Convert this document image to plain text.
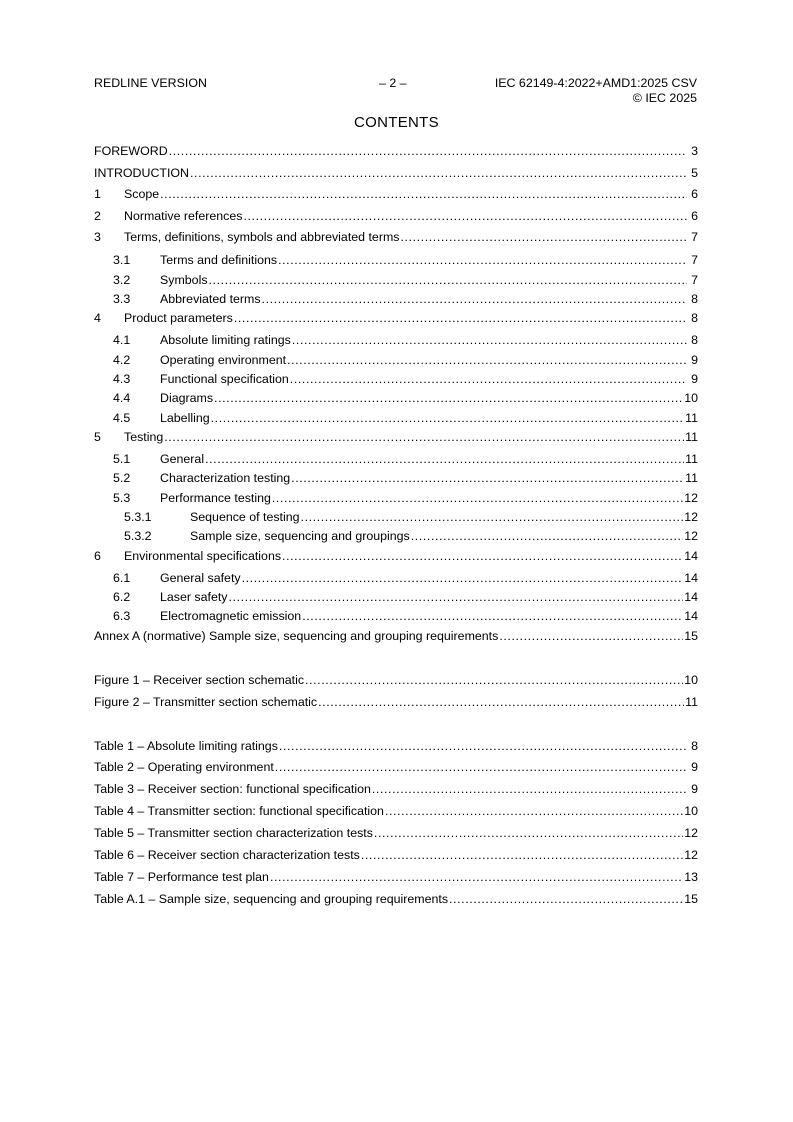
REDLINE VERSION	– 2 –	IEC 62149-4:2022+AMD1:2025 CSV
© IEC 2025
CONTENTS
FOREWORD .....	3
INTRODUCTION .....	5
1	Scope .....	6
2	Normative references .....	6
3	Terms, definitions, symbols and abbreviated terms .....	7
3.1	Terms and definitions .....	7
3.2	Symbols .....	7
3.3	Abbreviated terms .....	8
4	Product parameters .....	8
4.1	Absolute limiting ratings .....	8
4.2	Operating environment .....	9
4.3	Functional specification .....	9
4.4	Diagrams .....	10
4.5	Labelling .....	11
5	Testing .....	11
5.1	General .....	11
5.2	Characterization testing .....	11
5.3	Performance testing .....	12
5.3.1	Sequence of testing .....	12
5.3.2	Sample size, sequencing and groupings .....	12
6	Environmental specifications .....	14
6.1	General safety .....	14
6.2	Laser safety .....	14
6.3	Electromagnetic emission .....	14
Annex A (normative) Sample size, sequencing and grouping requirements .....	15
Figure 1 – Receiver section schematic .....	10
Figure 2 – Transmitter section schematic .....	11
Table 1 – Absolute limiting ratings .....	8
Table 2 – Operating environment .....	9
Table 3 – Receiver section: functional specification .....	9
Table 4 – Transmitter section: functional specification .....	10
Table 5 – Transmitter section characterization tests .....	12
Table 6 – Receiver section characterization tests .....	12
Table 7 – Performance test plan .....	13
Table A.1 – Sample size, sequencing and grouping requirements .....	15
